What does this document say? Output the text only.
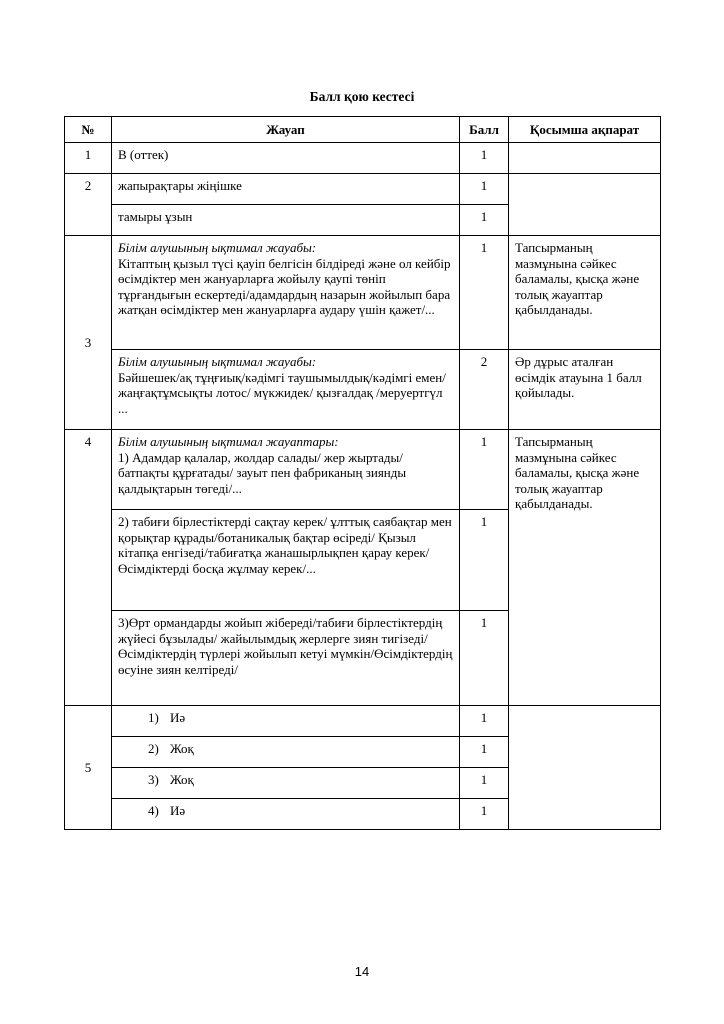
Балл қою кестесі
№	Жауап	Балл	Қосымша ақпарат
1	В (оттек)	1	
2	жапырақтары жіңішке	1	
	тамыры ұзын	1	
3	Білім алушының ықтимал жауабы:
Кітаптың қызыл түсі қауіп белгісін білдіреді және ол кейбір өсімдіктер мен жануарларға жойылу қаупі төніп тұрғандығын ескертеді/адамдардың назарын жойылып бара жатқан өсімдіктер мен жануарларға аудару үшін қажет/...	1	Тапсырманың мазмұнына сәйкес баламалы, қысқа және толық жауаптар қабылданады.

	Білім алушының ықтимал жауабы:
Бәйшешек/ақ тұңғиық/кәдімгі таушымылдық/кәдімгі емен/жаңғақтұмсықты лотос/ мүкжидек/ қызғалдақ /меруертгүл ...	2	Әр дұрыс аталған өсімдік атауына 1 балл қойылады.
4	Білім алушының ықтимал жауаптары:
1) Адамдар қалалар, жолдар салады/ жер жыртады/батпақты құрғатады/ зауыт пен фабриканың зиянды қалдықтарын төгеді/...	1	Тапсырманың мазмұнына сәйкес баламалы, қысқа және толық жауаптар қабылданады.
	2) табиғи бірлестіктерді сақтау керек/ ұлттық саябақтар мен қорықтар құрады/ботаникалық бақтар өсіреді/ Қызыл кітапқа енгізеді/табиғатқа жанашырлықпен қарау керек/Өсімдіктерді босқа жұлмау керек/...	1	
	3)Өрт ормандарды жойып жібереді/табиғи бірлестіктердің жүйесі бұзылады/ жайылымдық жерлерге зиян тигізеді/Өсімдіктердің түрлері жойылып кетуі мүмкін/Өсімдіктердің өсуіне зиян келтіреді/	1	
5	1) Иә	1	

	2) Жоқ	1	

	3) Жоқ	1	

	4) Иә	1	
14
